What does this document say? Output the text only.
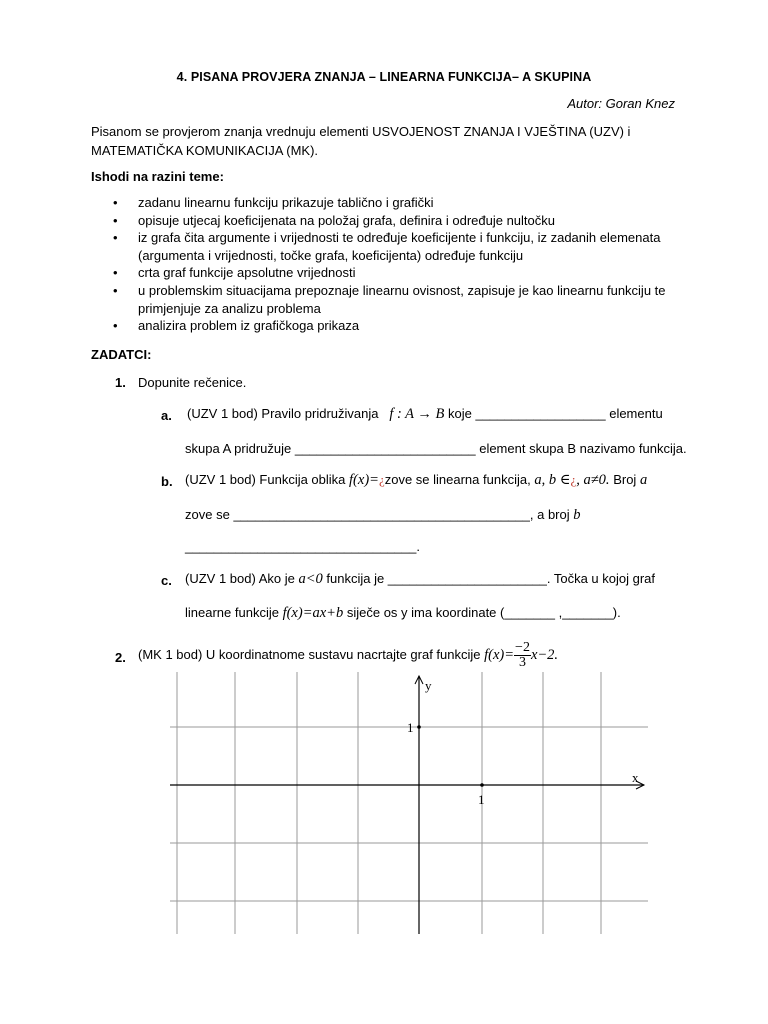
4. PISANA PROVJERA ZNANJA – LINEARNA FUNKCIJA– A SKUPINA
Autor: Goran Knez
Pisanom se provjerom znanja vrednuju elementi USVOJENOST ZNANJA I VJEŠTINA (UZV) i
MATEMATIČKA KOMUNIKACIJA (MK).
Ishodi na razini teme:
• zadanu linearnu funkciju prikazuje tablično i grafički
• opisuje utjecaj koeficijenata na položaj grafa, definira i određuje nultočku
• iz grafa čita argumente i vrijednosti te određuje koeficijente i funkciju, iz zadanih elemenata
(argumenta i vrijednosti, točke grafa, koeficijenta) određuje funkciju
• crta graf funkcije apsolutne vrijednosti
• u problemskim situacijama prepoznaje linearnu ovisnost, zapisuje je kao linearnu funkciju te
primjenjuje za analizu problema
• analizira problem iz grafičkoga prikaza
ZADATCI:
1. Dopunite rečenice.
a. (UZV 1 bod) Pravilo pridruživanja f : A → B koje __________________ elementu
skupa A pridružuje _________________________ element skupa B nazivamo funkcija.
b. (UZV 1 bod) Funkcija oblika f(x)=¿zove se linearna funkcija, a, b ∈¿, a≠0. Broj a
zove se _________________________________________, a broj b
________________________________.
c. (UZV 1 bod) Ako je a<0 funkcija je ______________________. Točka u kojoj graf
linearne funkcije f(x)=ax+b siječe os y ima koordinate (_______ ,_______).
2. (MK 1 bod) U koordinatnome sustavu nacrtajte graf funkcije $f(x)= \frac{-2}{3} x-2$.
y
x
1
1
